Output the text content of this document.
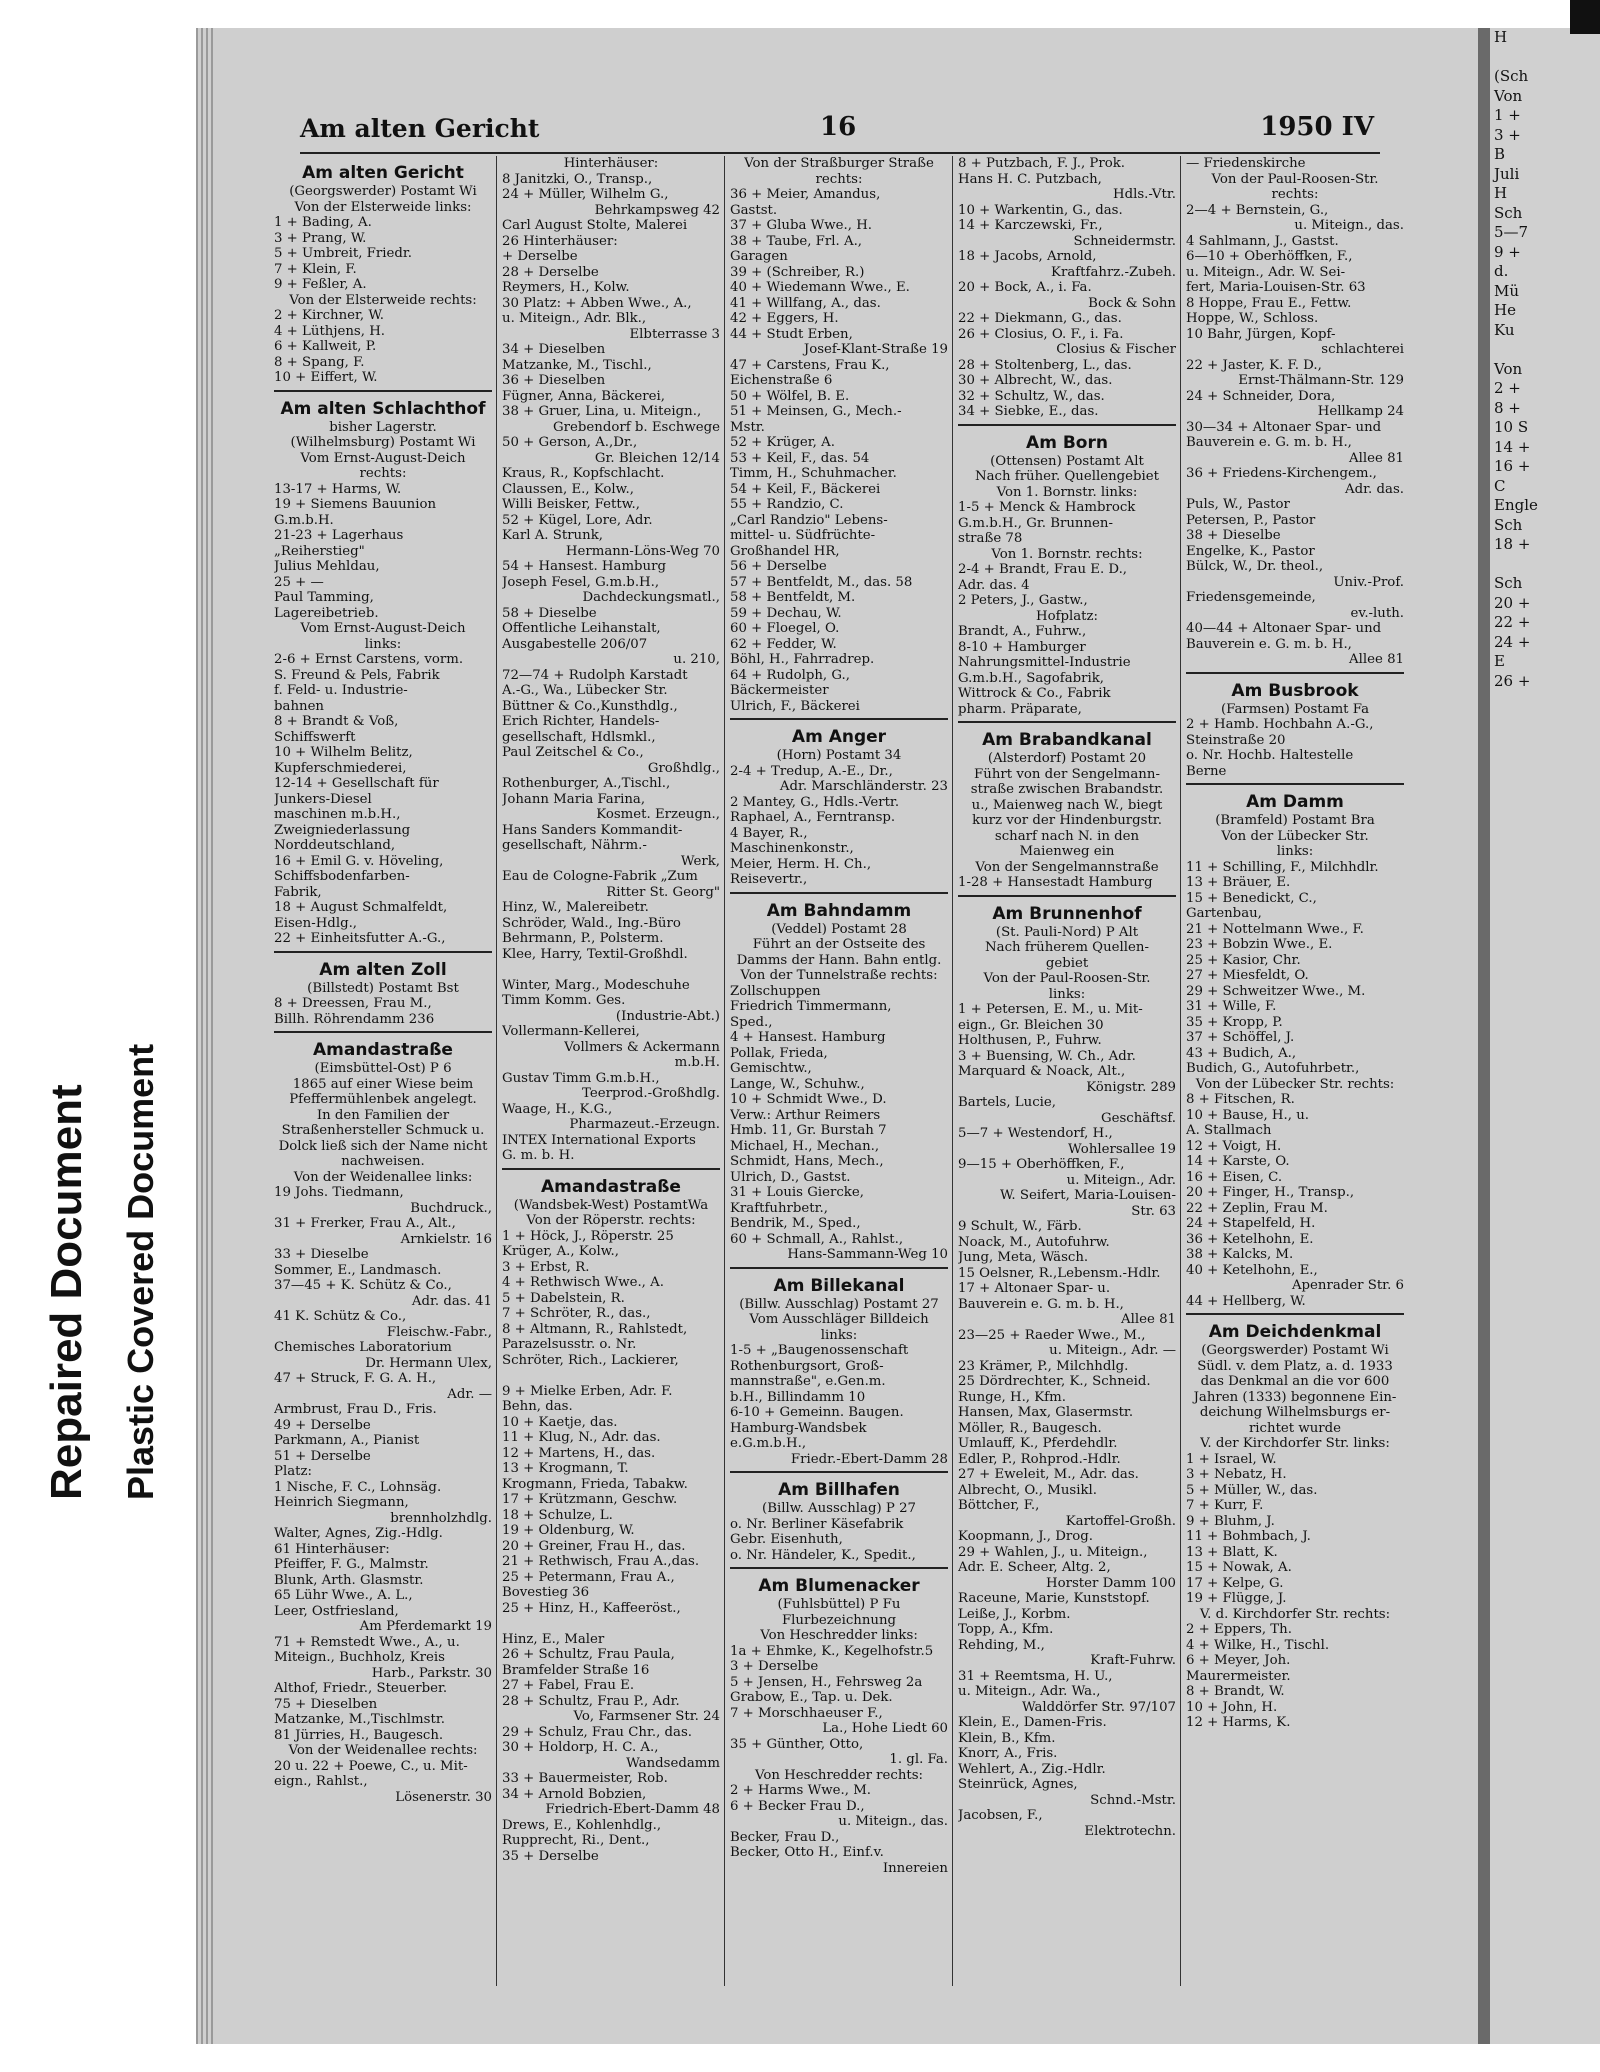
Repaired Document Plastic Covered Document
H

(Sch
Von
1 +
3 +
B
Juli
H
Sch
5—7
9 +
d.
Mü
He
Ku

Von
2 +
8 +
10 S
14 +
16 +
C
Engle
Sch
18 +

Sch
20 +
22 +
24 +
E
26 +
Am alten Gericht	16	1950 IV
Am alten Gericht
(Georgswerder) Postamt Wi
Von der Elsterweide links:
1 + Bading, A.
3 + Prang, W.
5 + Umbreit, Friedr.
7 + Klein, F.
9 + Feßler, A.
Von der Elsterweide rechts:
2 + Kirchner, W.
4 + Lüthjens, H.
6 + Kallweit, P.
8 + Spang, F.
10 + Eiffert, W.
Am alten Schlachthof
bisher Lagerstr.
(Wilhelmsburg) Postamt Wi
Vom Ernst-August-Deich
rechts:
13-17 + Harms, W.
19 + Siemens Bauunion
G.m.b.H.
21-23 + Lagerhaus
„Reiherstieg"
Julius Mehldau,
25 + —
Paul Tamming,
Lagereibetrieb.
Vom Ernst-August-Deich
links:
2-6 + Ernst Carstens, vorm.
S. Freund & Pels, Fabrik
f. Feld- u. Industrie-
bahnen
8 + Brandt & Voß,
Schiffswerft
10 + Wilhelm Belitz,
Kupferschmiederei,
12-14 + Gesellschaft für
Junkers-Diesel
maschinen m.b.H.,
Zweigniederlassung
Norddeutschland,
16 + Emil G. v. Höveling,
Schiffsbodenfarben-
Fabrik,
18 + August Schmalfeldt,
Eisen-Hdlg.,
22 + Einheitsfutter A.-G.,
Am alten Zoll
(Billstedt) Postamt Bst
8 + Dreessen, Frau M.,
Billh. Röhrendamm 236
Amandastraße
(Eimsbüttel-Ost) P 6
1865 auf einer Wiese beim
Pfeffermühlenbek angelegt.
In den Familien der
Straßenhersteller Schmuck u.
Dolck ließ sich der Name nicht
nachweisen.
Von der Weidenallee links:
19 Johs. Tiedmann,
Buchdruck.,
31 + Frerker, Frau A., Alt.,
Arnkielstr. 16
33 + Dieselbe
Sommer, E., Landmasch.
37—45 + K. Schütz & Co.,
Adr. das. 41
41 K. Schütz & Co.,
Fleischw.-Fabr.,
Chemisches Laboratorium
Dr. Hermann Ulex,
47 + Struck, F. G. A. H.,
Adr. —
Armbrust, Frau D., Fris.
49 + Derselbe
Parkmann, A., Pianist
51 + Derselbe
Platz:
1 Nische, F. C., Lohnsäg.
Heinrich Siegmann,
brennholzhdlg.
Walter, Agnes, Zig.-Hdlg.
61 Hinterhäuser:
Pfeiffer, F. G., Malmstr.
Blunk, Arth. Glasmstr.
65 Lühr Wwe., A. L.,
Leer, Ostfriesland,
Am Pferdemarkt 19
71 + Remstedt Wwe., A., u.
Miteign., Buchholz, Kreis
Harb., Parkstr. 30
Althof, Friedr., Steuerber.
75 + Dieselben
Matzanke, M.,Tischlmstr.
81 Jürries, H., Baugesch.
Von der Weidenallee rechts:
20 u. 22 + Poewe, C., u. Mit-
eign., Rahlst.,
Lösenerstr. 30
Hinterhäuser:
8 Janitzki, O., Transp.,
24 + Müller, Wilhelm G.,
Behrkampsweg 42
Carl August Stolte, Malerei
26 Hinterhäuser:
+ Derselbe
28 + Derselbe
Reymers, H., Kolw.
30 Platz: + Abben Wwe., A.,
u. Miteign., Adr. Blk.,
Elbterrasse 3
34 + Dieselben
Matzanke, M., Tischl.,
36 + Dieselben
Fügner, Anna, Bäckerei,
38 + Gruer, Lina, u. Miteign.,
Grebendorf b. Eschwege
50 + Gerson, A.,Dr.,
Gr. Bleichen 12/14
Kraus, R., Kopfschlacht.
Claussen, E., Kolw.,
Willi Beisker, Fettw.,
52 + Kügel, Lore, Adr.
Karl A. Strunk,
Hermann-Löns-Weg 70
54 + Hansest. Hamburg
Joseph Fesel, G.m.b.H.,
Dachdeckungsmatl.,
58 + Dieselbe
Öffentliche Leihanstalt,
Ausgabestelle 206/07
u. 210,
72—74 + Rudolph Karstadt
A.-G., Wa., Lübecker Str.
Büttner & Co.,Kunsthdlg.,
Erich Richter, Handels-
gesellschaft, Hdlsmkl.,
Paul Zeitschel & Co.,
Großhdlg.,
Rothenburger, A.,Tischl.,
Johann Maria Farina,
Kosmet. Erzeugn.,
Hans Sanders Kommandit-
gesellschaft, Nährm.-
Werk,
Eau de Cologne-Fabrik „Zum
Ritter St. Georg"
Hinz, W., Malereibetr.
Schröder, Wald., Ing.-Büro
Behrmann, P., Polsterm.
Klee, Harry, Textil-Großhdl.

Winter, Marg., Modeschuhe
Timm Komm. Ges.
(Industrie-Abt.)
Vollermann-Kellerei,
Vollmers & Ackermann
m.b.H.
Gustav Timm G.m.b.H.,
Teerprod.-Großhdlg.
Waage, H., K.G.,
Pharmazeut.-Erzeugn.
INTEX International Exports
G. m. b. H.
Amandastraße
(Wandsbek-West) PostamtWa
Von der Röperstr. rechts:
1 + Höck, J., Röperstr. 25
Krüger, A., Kolw.,
3 + Erbst, R.
4 + Rethwisch Wwe., A.
5 + Dabelstein, R.
7 + Schröter, R., das.,
8 + Altmann, R., Rahlstedt,
Parazelsusstr. o. Nr.
Schröter, Rich., Lackierer,

9 + Mielke Erben, Adr. F.
Behn, das.
10 + Kaetje, das.
11 + Klug, N., Adr. das.
12 + Martens, H., das.
13 + Krogmann, T.
Krogmann, Frieda, Tabakw.
17 + Krützmann, Geschw.
18 + Schulze, L.
19 + Oldenburg, W.
20 + Greiner, Frau H., das.
21 + Rethwisch, Frau A.,das.
25 + Petermann, Frau A.,
Bovestieg 36
25 + Hinz, H., Kaffeeröst.,

Hinz, E., Maler
26 + Schultz, Frau Paula,
Bramfelder Straße 16
27 + Fabel, Frau E.
28 + Schultz, Frau P., Adr.
Vo, Farmsener Str. 24
29 + Schulz, Frau Chr., das.
30 + Holdorp, H. C. A.,
Wandsedamm
33 + Bauermeister, Rob.
34 + Arnold Bobzien,
Friedrich-Ebert-Damm 48
Drews, E., Kohlenhdlg.,
Rupprecht, Ri., Dent.,
35 + Derselbe
Von der Straßburger Straße
rechts:
36 + Meier, Amandus,
Gastst.
37 + Gluba Wwe., H.
38 + Taube, Frl. A.,
Garagen
39 + (Schreiber, R.)
40 + Wiedemann Wwe., E.
41 + Willfang, A., das.
42 + Eggers, H.
44 + Studt Erben,
Josef-Klant-Straße 19
47 + Carstens, Frau K.,
Eichenstraße 6
50 + Wölfel, B. E.
51 + Meinsen, G., Mech.-
Mstr.
52 + Krüger, A.
53 + Keil, F., das. 54
Timm, H., Schuhmacher.
54 + Keil, F., Bäckerei
55 + Randzio, C.
„Carl Randzio" Lebens-
mittel- u. Südfrüchte-
Großhandel HR,
56 + Derselbe
57 + Bentfeldt, M., das. 58
58 + Bentfeldt, M.
59 + Dechau, W.
60 + Floegel, O.
62 + Fedder, W.
Böhl, H., Fahrradrep.
64 + Rudolph, G.,
Bäckermeister
Ulrich, F., Bäckerei
Am Anger
(Horn) Postamt 34
2-4 + Tredup, A.-E., Dr.,
Adr. Marschländerstr. 23
2 Mantey, G., Hdls.-Vertr.
Raphael, A., Ferntransp.
4 Bayer, R.,
Maschinenkonstr.,
Meier, Herm. H. Ch.,
Reisevertr.,
Am Bahndamm
(Veddel) Postamt 28
Führt an der Ostseite des
Damms der Hann. Bahn entlg.
Von der Tunnelstraße rechts:
Zollschuppen
Friedrich Timmermann,
Sped.,
4 + Hansest. Hamburg
Pollak, Frieda,
Gemischtw.,
Lange, W., Schuhw.,
10 + Schmidt Wwe., D.
Verw.: Arthur Reimers
Hmb. 11, Gr. Burstah 7
Michael, H., Mechan.,
Schmidt, Hans, Mech.,
Ulrich, D., Gastst.
31 + Louis Giercke,
Kraftfuhrbetr.,
Bendrik, M., Sped.,
60 + Schmall, A., Rahlst.,
Hans-Sammann-Weg 10
Am Billekanal
(Billw. Ausschlag) Postamt 27
Vom Ausschläger Billdeich
links:
1-5 + „Baugenossenschaft
Rothenburgsort, Groß-
mannstraße", e.Gen.m.
b.H., Billindamm 10
6-10 + Gemeinn. Baugen.
Hamburg-Wandsbek
e.G.m.b.H.,
Friedr.-Ebert-Damm 28
Am Billhafen
(Billw. Ausschlag) P 27
o. Nr. Berliner Käsefabrik
Gebr. Eisenhuth,
o. Nr. Händeler, K., Spedit.,
Am Blumenacker
(Fuhlsbüttel) P Fu
Flurbezeichnung
Von Heschredder links:
1a + Ehmke, K., Kegelhofstr.5
3 + Derselbe
5 + Jensen, H., Fehrsweg 2a
Grabow, E., Tap. u. Dek.
7 + Morschhaeuser F.,
La., Hohe Liedt 60
35 + Günther, Otto,
1. gl. Fa.
Von Heschredder rechts:
2 + Harms Wwe., M.
6 + Becker Frau D.,
u. Miteign., das.
Becker, Frau D.,
Becker, Otto H., Einf.v.
Innereien
8 + Putzbach, F. J., Prok.
Hans H. C. Putzbach,
Hdls.-Vtr.
10 + Warkentin, G., das.
14 + Karczewski, Fr.,
Schneidermstr.
18 + Jacobs, Arnold,
Kraftfahrz.-Zubeh.
20 + Bock, A., i. Fa.
Bock & Sohn
22 + Diekmann, G., das.
26 + Closius, O. F., i. Fa.
Closius & Fischer
28 + Stoltenberg, L., das.
30 + Albrecht, W., das.
32 + Schultz, W., das.
34 + Siebke, E., das.
Am Born
(Ottensen) Postamt Alt
Nach früher. Quellengebiet
Von 1. Bornstr. links:
1-5 + Menck & Hambrock
G.m.b.H., Gr. Brunnen-
straße 78
Von 1. Bornstr. rechts:
2-4 + Brandt, Frau E. D.,
Adr. das. 4
2 Peters, J., Gastw.,
Hofplatz:
Brandt, A., Fuhrw.,
8-10 + Hamburger
Nahrungsmittel-Industrie
G.m.b.H., Sagofabrik,
Wittrock & Co., Fabrik
pharm. Präparate,
Am Brabandkanal
(Alsterdorf) Postamt 20
Führt von der Sengelmann-
straße zwischen Brabandstr.
u., Maienweg nach W., biegt
kurz vor der Hindenburgstr.
scharf nach N. in den
Maienweg ein
Von der Sengelmannstraße
1-28 + Hansestadt Hamburg
Am Brunnenhof
(St. Pauli-Nord) P Alt
Nach früherem Quellen-
gebiet
Von der Paul-Roosen-Str.
links:
1 + Petersen, E. M., u. Mit-
eign., Gr. Bleichen 30
Holthusen, P., Fuhrw.
3 + Buensing, W. Ch., Adr.
Marquard & Noack, Alt.,
Königstr. 289
Bartels, Lucie,
Geschäftsf.
5—7 + Westendorf, H.,
Wohlersallee 19
9—15 + Oberhöffken, F.,
u. Miteign., Adr.
W. Seifert, Maria-Louisen-
Str. 63
9 Schult, W., Färb.
Noack, M., Autofuhrw.
Jung, Meta, Wäsch.
15 Oelsner, R.,Lebensm.-Hdlr.
17 + Altonaer Spar- u.
Bauverein e. G. m. b. H.,
Allee 81
23—25 + Raeder Wwe., M.,
u. Miteign., Adr. —
23 Krämer, P., Milchhdlg.
25 Dördrechter, K., Schneid.
Runge, H., Kfm.
Hansen, Max, Glasermstr.
Möller, R., Baugesch.
Umlauff, K., Pferdehdlr.
Edler, P., Rohprod.-Hdlr.
27 + Eweleit, M., Adr. das.
Albrecht, O., Musikl.
Böttcher, F.,
Kartoffel-Großh.
Koopmann, J., Drog.
29 + Wahlen, J., u. Miteign.,
Adr. E. Scheer, Altg. 2,
Horster Damm 100
Raceune, Marie, Kunststopf.
Leiße, J., Korbm.
Topp, A., Kfm.
Rehding, M.,
Kraft-Fuhrw.
31 + Reemtsma, H. U.,
u. Miteign., Adr. Wa.,
Walddörfer Str. 97/107
Klein, E., Damen-Fris.
Klein, B., Kfm.
Knorr, A., Fris.
Wehlert, A., Zig.-Hdlr.
Steinrück, Agnes,
Schnd.-Mstr.
Jacobsen, F.,
Elektrotechn.
— Friedenskirche
Von der Paul-Roosen-Str.
rechts:
2—4 + Bernstein, G.,
u. Miteign., das.
4 Sahlmann, J., Gastst.
6—10 + Oberhöffken, F.,
u. Miteign., Adr. W. Sei-
fert, Maria-Louisen-Str. 63
8 Hoppe, Frau E., Fettw.
Hoppe, W., Schloss.
10 Bahr, Jürgen, Kopf-
schlachterei
22 + Jaster, K. F. D.,
Ernst-Thälmann-Str. 129
24 + Schneider, Dora,
Hellkamp 24
30—34 + Altonaer Spar- und
Bauverein e. G. m. b. H.,
Allee 81
36 + Friedens-Kirchengem.,
Adr. das.
Puls, W., Pastor
Petersen, P., Pastor
38 + Dieselbe
Engelke, K., Pastor
Bülck, W., Dr. theol.,
Univ.-Prof.
Friedensgemeinde,
ev.-luth.
40—44 + Altonaer Spar- und
Bauverein e. G. m. b. H.,
Allee 81
Am Busbrook
(Farmsen) Postamt Fa
2 + Hamb. Hochbahn A.-G.,
Steinstraße 20
o. Nr. Hochb. Haltestelle
Berne
Am Damm
(Bramfeld) Postamt Bra
Von der Lübecker Str.
links:
11 + Schilling, F., Milchhdlr.
13 + Bräuer, E.
15 + Benedickt, C.,
Gartenbau,
21 + Nottelmann Wwe., F.
23 + Bobzin Wwe., E.
25 + Kasior, Chr.
27 + Miesfeldt, O.
29 + Schweitzer Wwe., M.
31 + Wille, F.
35 + Kropp, P.
37 + Schöffel, J.
43 + Budich, A.,
Budich, G., Autofuhrbetr.,
Von der Lübecker Str. rechts:
8 + Fitschen, R.
10 + Bause, H., u.
A. Stallmach
12 + Voigt, H.
14 + Karste, O.
16 + Eisen, C.
20 + Finger, H., Transp.,
22 + Zeplin, Frau M.
24 + Stapelfeld, H.
36 + Ketelhohn, E.
38 + Kalcks, M.
40 + Ketelhohn, E.,
Apenrader Str. 6
44 + Hellberg, W.
Am Deichdenkmal
(Georgswerder) Postamt Wi
Südl. v. dem Platz, a. d. 1933
das Denkmal an die vor 600
Jahren (1333) begonnene Ein-
deichung Wilhelmsburgs er-
richtet wurde
V. der Kirchdorfer Str. links:
1 + Israel, W.
3 + Nebatz, H.
5 + Müller, W., das.
7 + Kurr, F.
9 + Bluhm, J.
11 + Bohmbach, J.
13 + Blatt, K.
15 + Nowak, A.
17 + Kelpe, G.
19 + Flügge, J.
V. d. Kirchdorfer Str. rechts:
2 + Eppers, Th.
4 + Wilke, H., Tischl.
6 + Meyer, Joh.
Maurermeister.
8 + Brandt, W.
10 + John, H.
12 + Harms, K.
